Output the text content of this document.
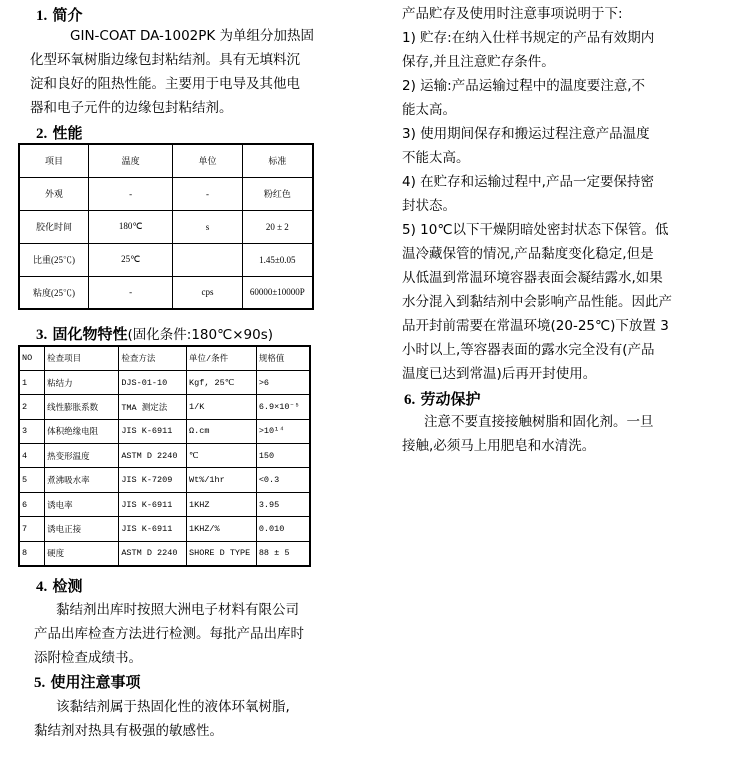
1. 简介
GIN-COAT DA-1002PK 为单组分加热固
化型环氧树脂边缘包封粘结剂。具有无填料沉
淀和良好的阻热性能。主要用于电导及其他电
器和电子元件的边缘包封粘结剂。
2. 性能
项目	温度	单位	标准
外观	-	-	粉红色
胶化时间	180℃	s	20 ± 2
比重(25℃)	25℃		1.45±0.05
粘度(25℃)	-	cps	60000±10000P
3. 固化物特性(固化条件:180℃×90s)
NO	检查项目	检查方法	单位/条件	规格值
1	粘结力	DJS-01-10	Kgf, 25℃	>6
2	线性膨胀系数	TMA 测定法	1/K	6.9×10⁻⁵
3	体积绝缘电阻	JIS K-6911	Ω.cm	>10¹⁴
4	热变形温度	ASTM D 2240	℃	150
5	煮沸吸水率	JIS K-7209	Wt%/1hr	<0.3
6	诱电率	JIS K-6911	1KHZ	3.95
7	诱电正接	JIS K-6911	1KHZ/%	0.010
8	硬度	ASTM D 2240	SHORE D TYPE	88 ± 5
4. 检测
黏结剂出库时按照大洲电子材料有限公司
产品出库检查方法进行检测。每批产品出库时
添附检查成绩书。
5. 使用注意事项
该黏结剂属于热固化性的液体环氧树脂,
黏结剂对热具有极强的敏感性。
产品贮存及使用时注意事项说明于下:
1) 贮存:在纳入仕样书规定的产品有效期内
保存,并且注意贮存条件。
2) 运输:产品运输过程中的温度要注意,不
能太高。
3) 使用期间保存和搬运过程注意产品温度
不能太高。
4) 在贮存和运输过程中,产品一定要保持密
封状态。
5) 10℃以下干燥阴暗处密封状态下保管。低
温冷藏保管的情况,产品黏度变化稳定,但是
从低温到常温环境容器表面会凝结露水,如果
水分混入到黏结剂中会影响产品性能。因此产
品开封前需要在常温环境(20-25℃)下放置 3
小时以上,等容器表面的露水完全没有(产品
温度已达到常温)后再开封使用。
6. 劳动保护
注意不要直接接触树脂和固化剂。一旦
接触,必须马上用肥皂和水清洗。
